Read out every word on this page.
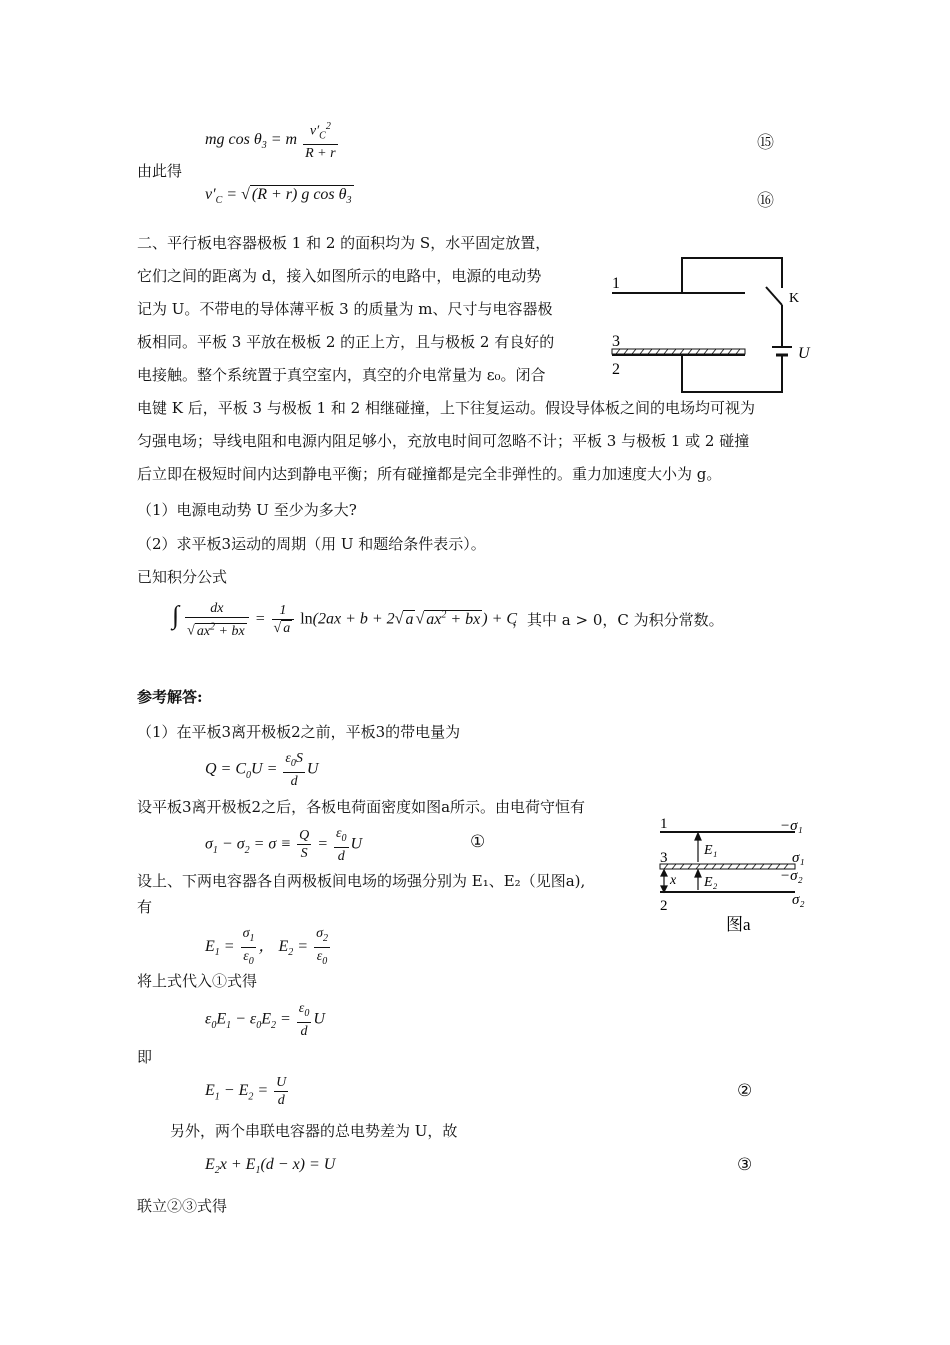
mg $\cos \theta_3 = m \frac{v'_C^2}{R + r}$	⑮
由此得
$v'_C$ = √ (R + r) g $\cos \theta_3$	⑯
二、平行板电容器极板 1 和 2 的面积均为 S，水平固定放置，
它们之间的距离为 d，接入如图所示的电路中，电源的电动势
记为 U。不带电的导体薄平板 3 的质量为 m、尺寸与电容器极
板相同。平板 3 平放在极板 2 的正上方，且与极板 2 有良好的
电接触。整个系统置于真空室内，真空的介电常量为 ε₀。闭合
电键 K 后，平板 3 与极板 1 和 2 相继碰撞，上下往复运动。假设导体板之间的电场均可视为
匀强电场；导线电阻和电源内阻足够小，充放电时间可忽略不计；平板 3 与极板 1 或 2 碰撞
后立即在极短时间内达到静电平衡；所有碰撞都是完全非弹性的。重力加速度大小为 g。
（1）电源电动势 U 至少为多大?
（2）求平板3运动的周期（用 U 和题给条件表示）。
已知积分公式
∫ $\frac{dx}{√ ax^2 + bx} = \frac{1}{√ a} \ln(2ax + b + 2√$ a √ $ax^2$ + bx ) + C
，其中 a > 0，C 为积分常数。
1
3
2
K
U
参考解答:
（1）在平板3离开极板2之前，平板3的带电量为
$Q = C_0U = \frac{\varepsilon_0S}{d}$ U
设平板3离开极板2之后，各板电荷面密度如图a所示。由电荷守恒有
$\sigma_1 - \sigma_2 = \sigma \equiv \frac{Q}{S} = \frac{\varepsilon_0}{d}$ U	①
设上、下两电容器各自两极板间电场的场强分别为 E₁、E₂（见图a),
有
$E_1 = \frac{\sigma_1}{\varepsilon_0}$ ， $E_2 = \frac{\sigma_2}{\varepsilon_0}$
将上式代入①式得
$\varepsilon_0E_1 - \varepsilon_0E_2 = \frac{\varepsilon_0}{d}$ U
即
$E_1 - E_2 = \frac{U}{d}$	②
另外，两个串联电容器的总电势差为 U，故
$E_2x + E_1(d - x) = U$	③
联立②③式得
1
3
2
E₁
E₂
x
−σ₁
σ₁
−σ₂
σ₂
图a
